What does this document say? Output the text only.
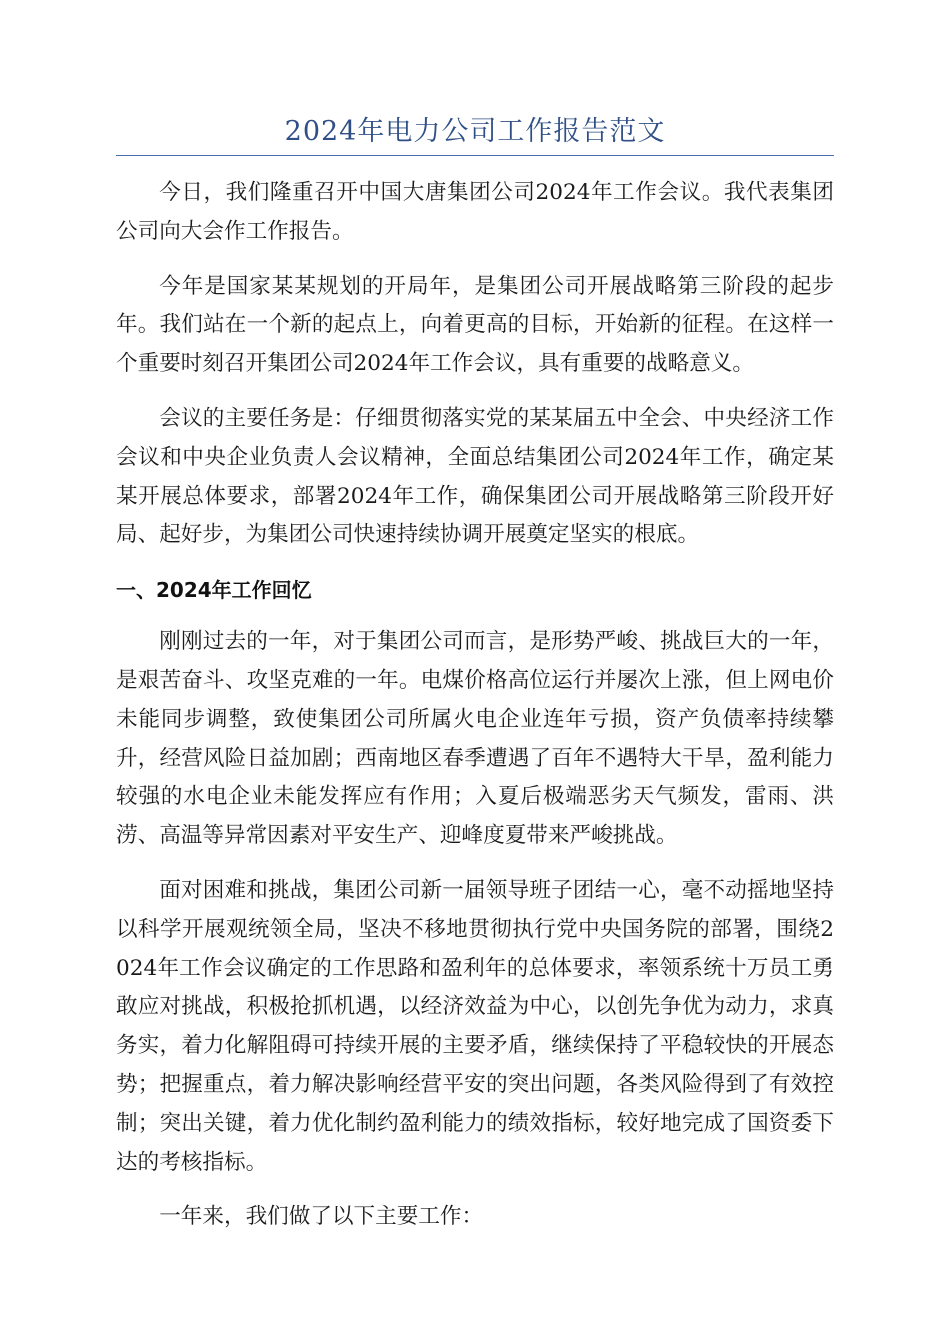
2024年电力公司工作报告范文

今日，我们隆重召开中国大唐集团公司2024年工作会议。我代表集团公司向大会作工作报告。

今年是国家某某规划的开局年，是集团公司开展战略第三阶段的起步年。我们站在一个新的起点上，向着更高的目标，开始新的征程。在这样一个重要时刻召开集团公司2024年工作会议，具有重要的战略意义。

会议的主要任务是：仔细贯彻落实党的某某届五中全会、中央经济工作会议和中央企业负责人会议精神，全面总结集团公司2024年工作，确定某某开展总体要求，部署2024年工作，确保集团公司开展战略第三阶段开好局、起好步，为集团公司快速持续协调开展奠定坚实的根底。

一、2024年工作回忆

刚刚过去的一年，对于集团公司而言，是形势严峻、挑战巨大的一年，是艰苦奋斗、攻坚克难的一年。电煤价格高位运行并屡次上涨，但上网电价未能同步调整，致使集团公司所属火电企业连年亏损，资产负债率持续攀升，经营风险日益加剧；西南地区春季遭遇了百年不遇特大干旱，盈利能力较强的水电企业未能发挥应有作用；入夏后极端恶劣天气频发，雷雨、洪涝、高温等异常因素对平安生产、迎峰度夏带来严峻挑战。

面对困难和挑战，集团公司新一届领导班子团结一心，毫不动摇地坚持以科学开展观统领全局，坚决不移地贯彻执行党中央国务院的部署，围绕2024年工作会议确定的工作思路和盈利年的总体要求，率领系统十万员工勇敢应对挑战，积极抢抓机遇，以经济效益为中心，以创先争优为动力，求真务实，着力化解阻碍可持续开展的主要矛盾，继续保持了平稳较快的开展态势；把握重点，着力解决影响经营平安的突出问题，各类风险得到了有效控制；突出关键，着力优化制约盈利能力的绩效指标，较好地完成了国资委下达的考核指标。

一年来，我们做了以下主要工作：
